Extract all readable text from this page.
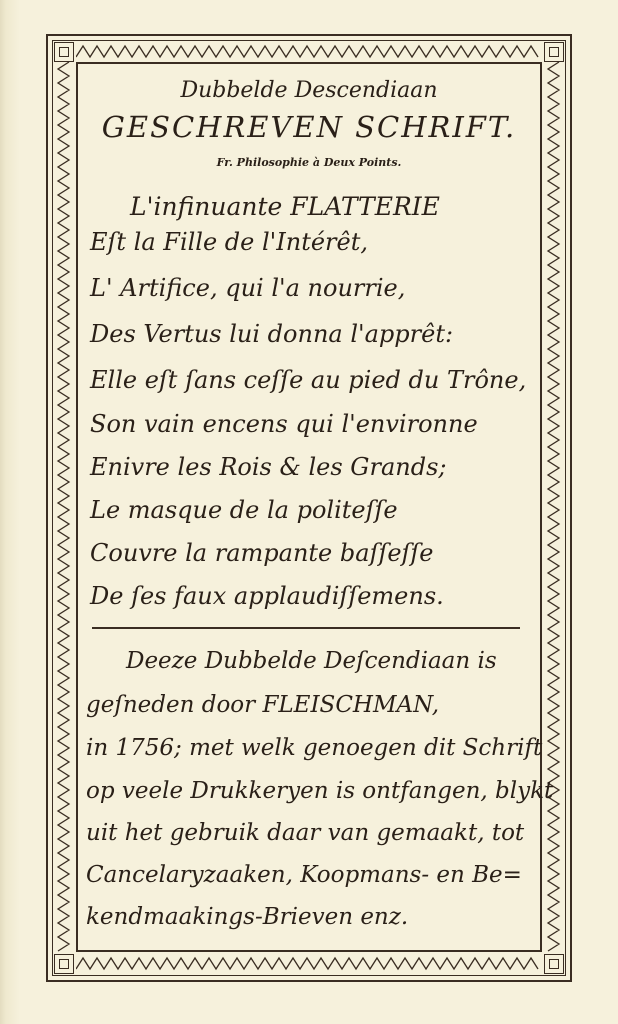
Dubbelde Descendiaan
GESCHREVEN SCHRIFT.
Fr. Philosophie à Deux Points.
L'infinuante FLATTERIE
Eſt la Fille de l'Intérêt,
L' Artifice, qui l'a nourrie,
Des Vertus lui donna l'apprêt:
Elle eſt ſans ceſſe au pied du Trône,
Son vain encens qui l'environne
Enivre les Rois & les Grands;
Le masque de la politeſſe
Couvre la rampante baſſeſſe
De ſes faux applaudiſſemens.
Deeze Dubbelde Deſcendiaan is
geſneden door FLEISCHMAN,
in 1756; met welk genoegen dit Schrift
op veele Drukkeryen is ontfangen, blykt
uit het gebruik daar van gemaakt, tot
Cancelaryzaaken, Koopmans- en Be=
kendmaakings-Brieven enz.
